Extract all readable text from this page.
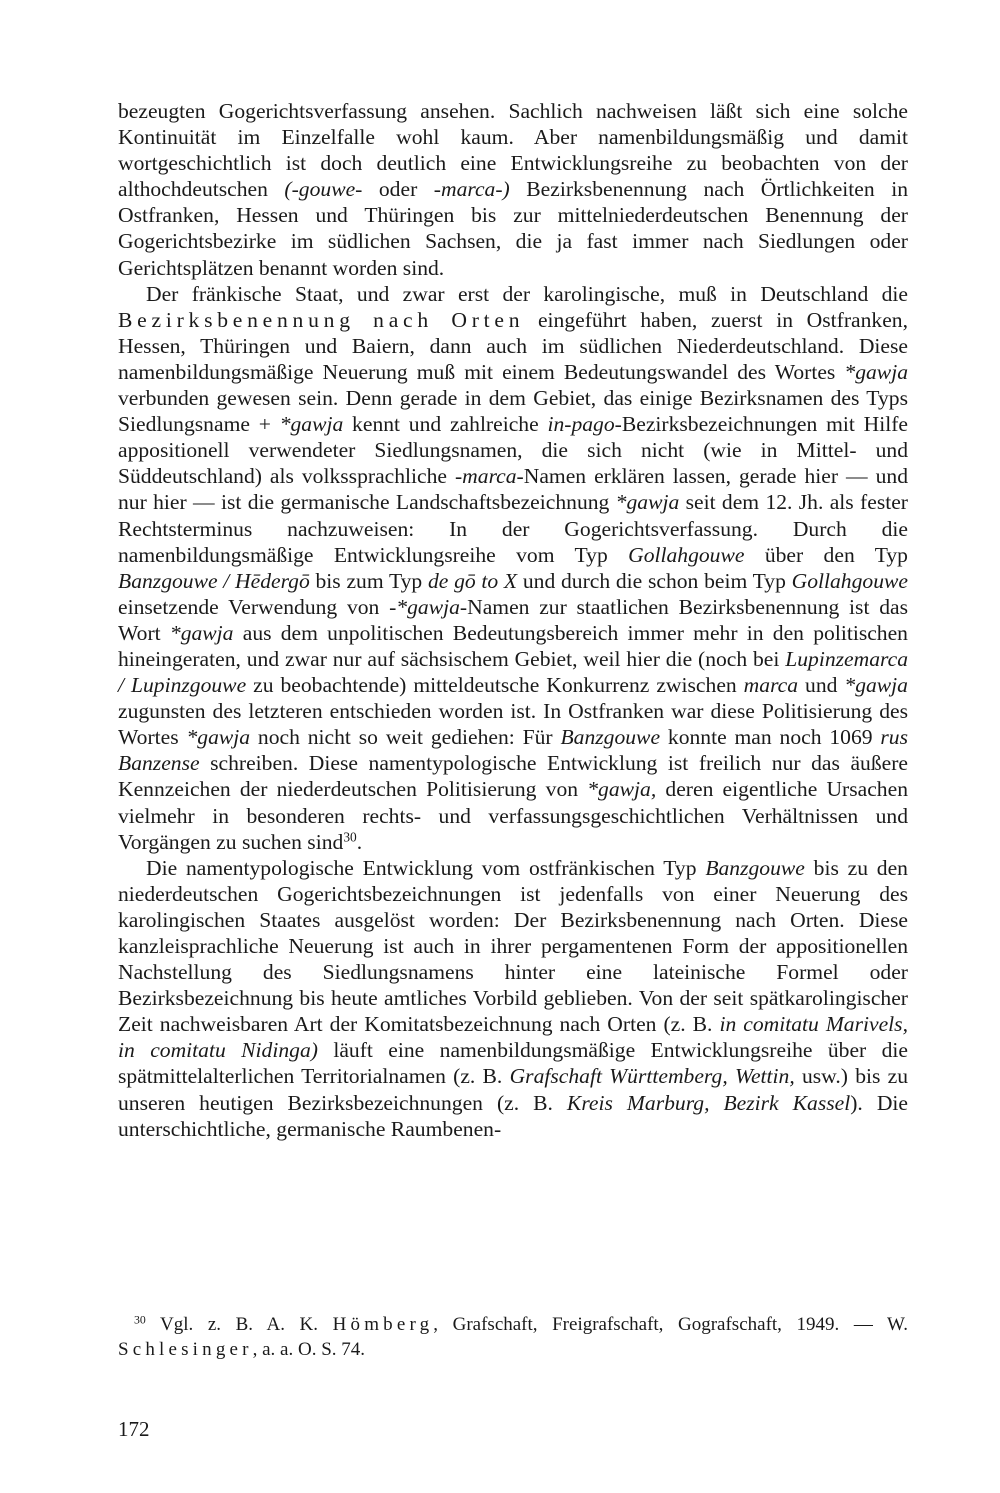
bezeugten Gogerichtsverfassung ansehen. Sachlich nachweisen läßt sich eine solche Kontinuität im Einzelfalle wohl kaum. Aber namenbildungsmäßig und damit wortgeschichtlich ist doch deutlich eine Entwicklungsreihe zu beobachten von der althochdeutschen (-gouwe- oder -marca-) Bezirksbenennung nach Örtlichkeiten in Ostfranken, Hessen und Thüringen bis zur mittelniederdeutschen Benennung der Gogerichtsbezirke im südlichen Sachsen, die ja fast immer nach Siedlungen oder Gerichtsplätzen benannt worden sind.

Der fränkische Staat, und zwar erst der karolingische, muß in Deutschland die Bezirksbenennung nach Orten eingeführt haben, zuerst in Ostfranken, Hessen, Thüringen und Baiern, dann auch im südlichen Niederdeutschland. Diese namenbildungsmäßige Neuerung muß mit einem Bedeutungswandel des Wortes *gawja verbunden gewesen sein. Denn gerade in dem Gebiet, das einige Bezirksnamen des Typs Siedlungsname + *gawja kennt und zahlreiche in-pago-Bezirksbezeichnungen mit Hilfe appositionell verwendeter Siedlungsnamen, die sich nicht (wie in Mittel- und Süddeutschland) als volkssprachliche -marca-Namen erklären lassen, gerade hier — und nur hier — ist die germanische Landschaftsbezeichnung *gawja seit dem 12. Jh. als fester Rechtsterminus nachzuweisen: In der Gogerichtsverfassung. Durch die namenbildungsmäßige Entwicklungsreihe vom Typ Gollahgouwe über den Typ Banzgouwe / Hēdergō bis zum Typ de gō to X und durch die schon beim Typ Gollahgouwe einsetzende Verwendung von -*gawja-Namen zur staatlichen Bezirksbenennung ist das Wort *gawja aus dem unpolitischen Bedeutungsbereich immer mehr in den politischen hineingeraten, und zwar nur auf sächsischem Gebiet, weil hier die (noch bei Lupinzemarca / Lupinzgouwe zu beobachtende) mitteldeutsche Konkurrenz zwischen marca und *gawja zugunsten des letzteren entschieden worden ist. In Ostfranken war diese Politisierung des Wortes *gawja noch nicht so weit gediehen: Für Banzgouwe konnte man noch 1069 rus Banzense schreiben. Diese namentypologische Entwicklung ist freilich nur das äußere Kennzeichen der niederdeutschen Politisierung von *gawja, deren eigentliche Ursachen vielmehr in besonderen rechts- und verfassungsgeschichtlichen Verhältnissen und Vorgängen zu suchen sind$^{30}$.

Die namentypologische Entwicklung vom ostfränkischen Typ Banzgouwe bis zu den niederdeutschen Gogerichtsbezeichnungen ist jedenfalls von einer Neuerung des karolingischen Staates ausgelöst worden: Der Bezirksbenennung nach Orten. Diese kanzleisprachliche Neuerung ist auch in ihrer pergamentenen Form der appositionellen Nachstellung des Siedlungsnamens hinter eine lateinische Formel oder Bezirksbezeichnung bis heute amtliches Vorbild geblieben. Von der seit spätkarolingischer Zeit nachweisbaren Art der Komitatsbezeichnung nach Orten (z. B. in comitatu Marivels, in comitatu Nidinga) läuft eine namenbildungsmäßige Entwicklungsreihe über die spätmittelalterlichen Territorialnamen (z. B. Grafschaft Württemberg, Wettin, usw.) bis zu unseren heutigen Bezirksbezeichnungen (z. B. Kreis Marburg, Bezirk Kassel). Die unterschichtliche, germanische Raumbenen-

$^{30}$ Vgl. z. B. A. K. Hömberg, Grafschaft, Freigrafschaft, Gografschaft, 1949. — W. Schlesinger, a. a. O. S. 74.

172
